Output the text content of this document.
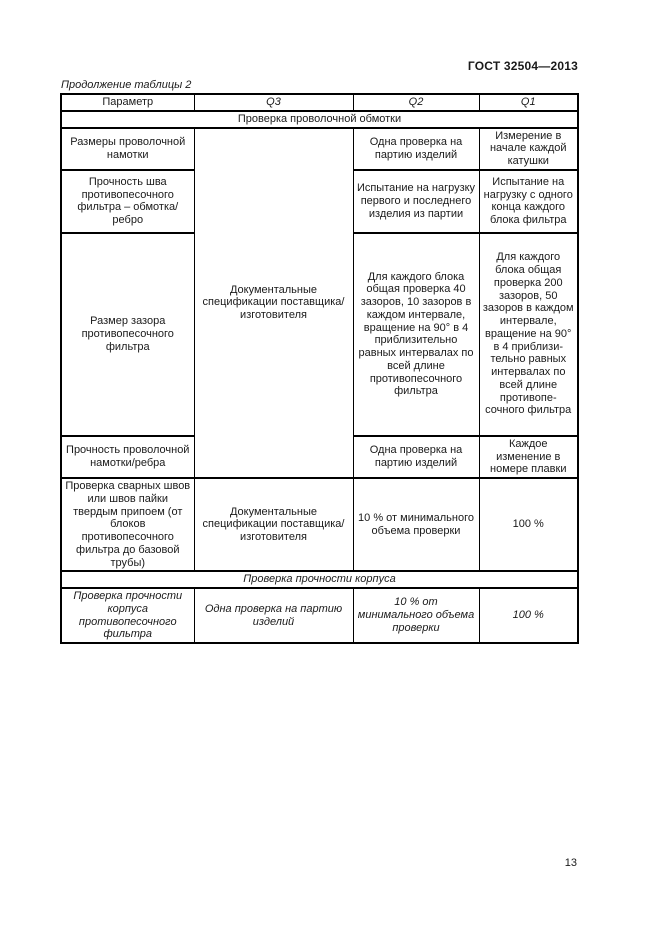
ГОСТ 32504—2013
Продолжение таблицы 2
Параметр	Q3	Q2	Q1
Проверка проволочной обмотки			
Размеры проволочной намотки	Документальные спецификации поставщика/​изготовителя	Одна проверка на партию изделий	Измерение в начале каждой катушки
Прочность шва противопесочного фильтра – обмотка/ребро		Испытание на нагрузку первого и последнего изделия из партии	Испытание на нагрузку с одного конца каждого блока фильтра
Размер зазора противопесочного фильтра		Для каждого блока общая проверка 40 зазоров, 10 зазоров в каждом интервале, вращение на 90° в 4 приблизительно равных интервалах по всей длине противопесочного фильтра	Для каждого блока общая проверка 200 зазоров, 50 зазоров в каждом интервале, вращение на 90° в 4 приблизительно равных интервалах по всей длине противопесочного фильтра
Прочность проволочной намотки/ребра		Одна проверка на партию изделий	Каждое изменение в номере плавки
Проверка сварных швов или швов пайки твердым припоем (от блоков противопесочного фильтра до базовой трубы)	Документальные спецификации поставщика/​изготовителя	10 % от минимального объема проверки	100 %
Проверка прочности корпуса			
Проверка прочности корпуса противопесочного фильтра	Одна проверка на партию изделий	10 % от минимального объема проверки	100 %
13
